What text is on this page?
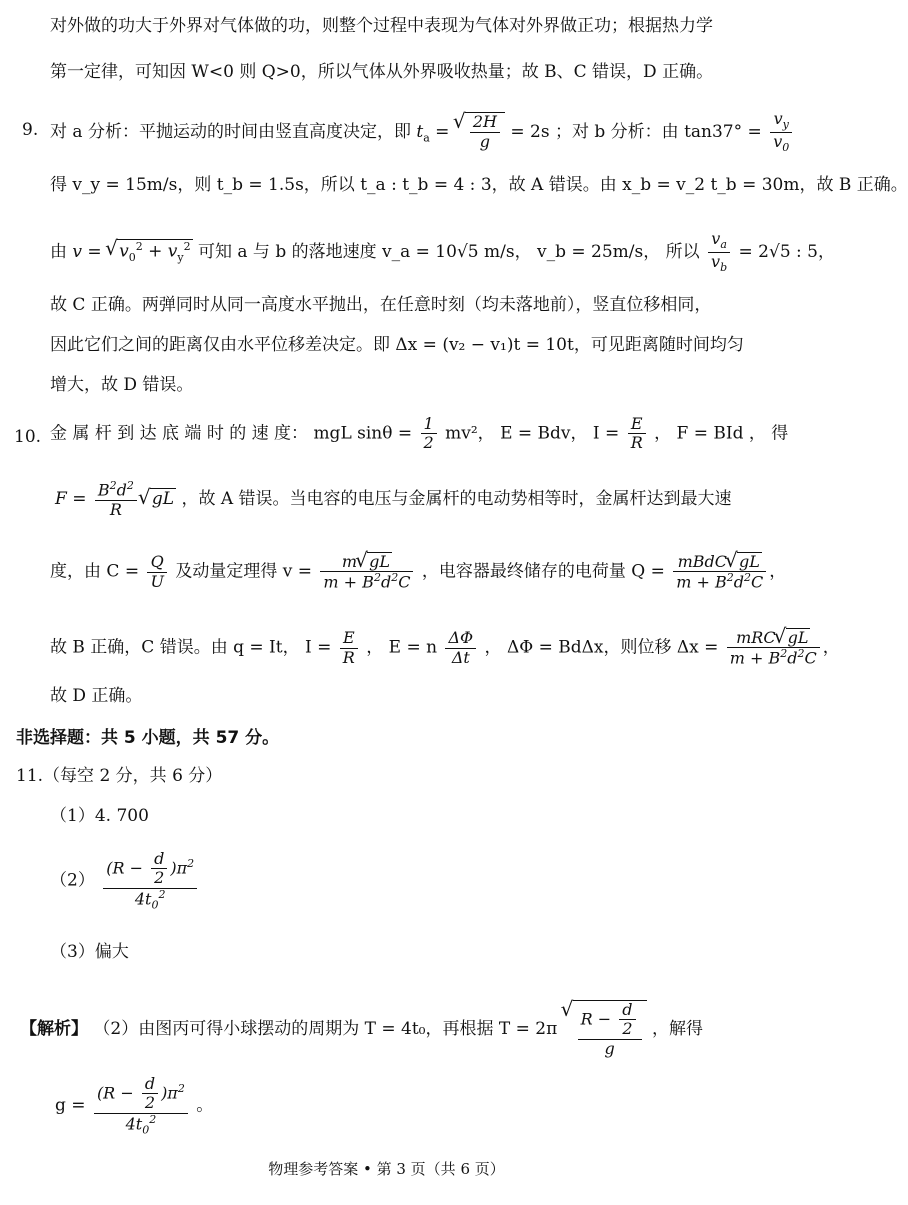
对外做的功大于外界对气体做的功，则整个过程中表现为气体对外界做正功；根据热力学
第一定律，可知因 W<0 则 Q>0，所以气体从外界吸收热量；故 B、C 错误，D 正确。
9. 对 a 分析：平抛运动的时间由竖直高度决定，即 $t_a$ = √ $\frac{2H}{g} = 2s$ ；对 b 分析：由 $\tan 37^\circ = \frac{v_y}{v_0}$
得 v_y = 15m/s，则 t_b = 1.5s，所以 t_a : t_b = 4 : 3，故 A 错误。由 x_b = v_2 t_b = 30m，故 B 正确。
由 v = √ $v_0^2 + v_y^2$ 可知 a 与 b 的落地速度 v_a = 10√5 m/s， v_b = 25m/s， 所以 $\frac{v_a}{v_b} = 2√5$ : 5，
故 C 正确。两弹同时从同一高度水平抛出，在任意时刻（均未落地前），竖直位移相同，
因此它们之间的距离仅由水平位移差决定。即 Δx = (v₂ − v₁)t = 10t，可见距离随时间均匀
增大，故 D 错误。
10. 金 属 杆 到 达 底 端 时 的 速 度： mgL $\sin\theta = \frac{1}{2} mv^2$， E = Bdv， $I = \frac{E}{R}$ ， F = BId ， 得
$F = \frac{B^2d^2}{R}$ √ gL ，故 A 错误。当电容的电压与金属杆的电动势相等时，金属杆达到最大速
度，由 $C = \frac{Q}{U}$ 及动量定理得 $v = \frac{m √ gL}{m + B^2d^2C}$ ，电容器最终储存的电荷量 $Q = \frac{\text{mBdC √ gL}}{m + B^2d^2C}$ ，
故 B 正确，C 错误。由 q = It， $I = \frac{E}{R}$ ， E = n $\frac{\Delta\Phi}{\Delta t}$ ， ΔΦ = BdΔx，则位移 $\Delta x = \frac{\text{mRC √ gL}}{m + B^2d^2C}$ ，
故 D 正确。
非选择题：共 5 小题，共 57 分。
11.（每空 2 分，共 6 分）
（1）4. 700
$(2) \frac{(R - \frac{d}{2} )\pi^2}{4t_0^2}$
（3）偏大
【解析】 （2）由图丙可得小球摆动的周期为 T = 4t₀，再根据 T = 2π √ $\frac{R - \frac{d}{2}}{g}$ ，解得
$g = \frac{(R - \frac{d}{2} )\pi^2}{4t_0^2}$ 。
物理参考答案 • 第 3 页（共 6 页）
